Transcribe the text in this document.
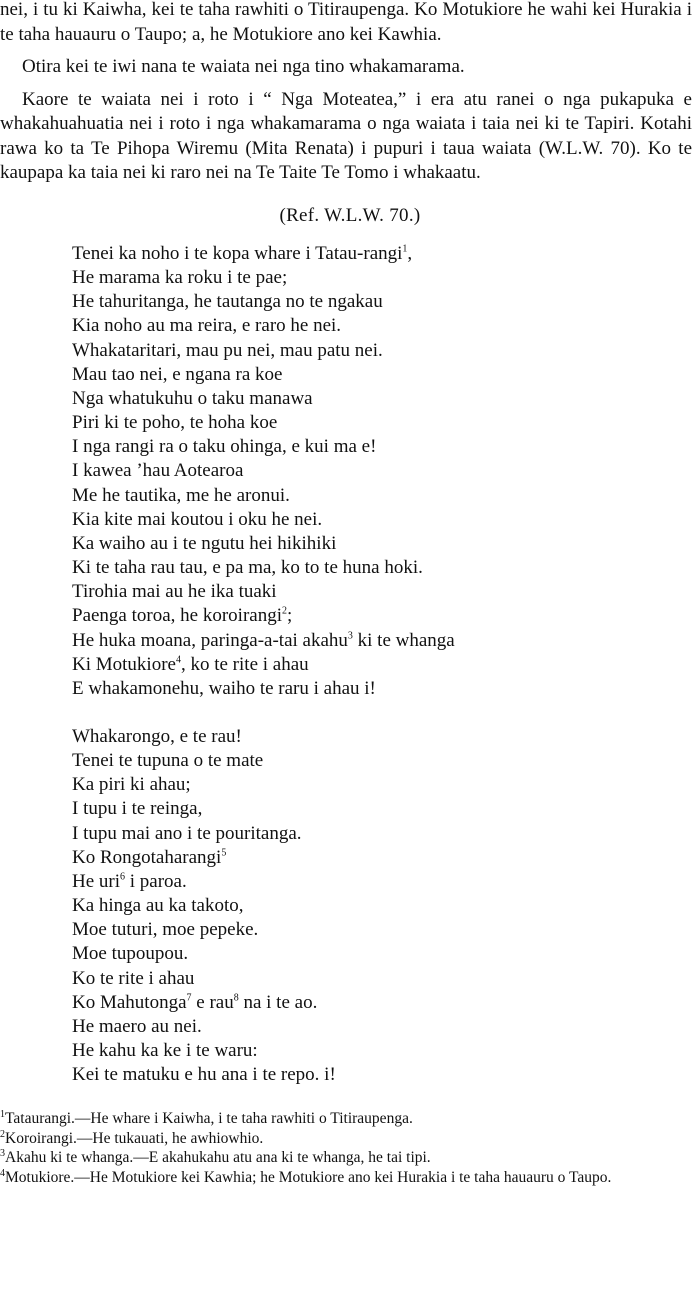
nei, i tu ki Kaiwha, kei te taha rawhiti o Titiraupenga. Ko Motukiore he wahi kei Hurakia i te taha hauauru o Taupo; a, he Motukiore ano kei Kawhia.

Otira kei te iwi nana te waiata nei nga tino whakamarama.

Kaore te waiata nei i roto i “ Nga Moteatea,” i era atu ranei o nga pukapuka e whakahuahuatia nei i roto i nga whakamarama o nga waiata i taia nei ki te Tapiri. Kotahi rawa ko ta Te Pihopa Wiremu (Mita Renata) i pupuri i taua waiata (W.L.W. 70). Ko te kaupapa ka taia nei ki raro nei na Te Taite Te Tomo i whakaatu.

(Ref. W.L.W. 70.)
Tenei ka noho i te kopa whare i Tatau-rangi$^1$,
He marama ka roku i te pae;
He tahuritanga, he tautanga no te ngakau
Kia noho au ma reira, e raro he nei.
Whakataritari, mau pu nei, mau patu nei.
Mau tao nei, e ngana ra koe
Nga whatukuhu o taku manawa
Piri ki te poho, te hoha koe
I nga rangi ra o taku ohinga, e kui ma e!
I kawea ’hau Aotearoa
Me he tautika, me he aronui.
Kia kite mai koutou i oku he nei.
Ka waiho au i te ngutu hei hikihiki
Ki te taha rau tau, e pa ma, ko to te huna hoki.
Tirohia mai au he ika tuaki
Paenga toroa, he koroirangi$^2$;
He huka moana, paringa-a-tai akahu$^3$ ki te whanga
Ki Motukiore$^4$, ko te rite i ahau
E whakamonehu, waiho te raru i ahau i!
Whakarongo, e te rau!
Tenei te tupuna o te mate
Ka piri ki ahau;
I tupu i te reinga,
I tupu mai ano i te pouritanga.
Ko Rongotaharangi$^5$
He uri$^6$ i paroa.
Ka hinga au ka takoto,
Moe tuturi, moe pepeke.
Moe tupoupou.
Ko te rite i ahau
Ko Mahutonga$^7$ e rau$^8$ na i te ao.
He maero au nei.
He kahu ka ke i te waru:
Kei te matuku e hu ana i te repo. i!

$^1$Tataurangi.—He whare i Kaiwha, i te taha rawhiti o Titiraupenga.

$^2$Koroirangi.—He tukauati, he awhiowhio.

$^3$Akahu ki te whanga.—E akahukahu atu ana ki te whanga, he tai tipi.

$^4$Motukiore.—He Motukiore kei Kawhia; he Motukiore ano kei Hurakia i te taha hauauru o Taupo.
